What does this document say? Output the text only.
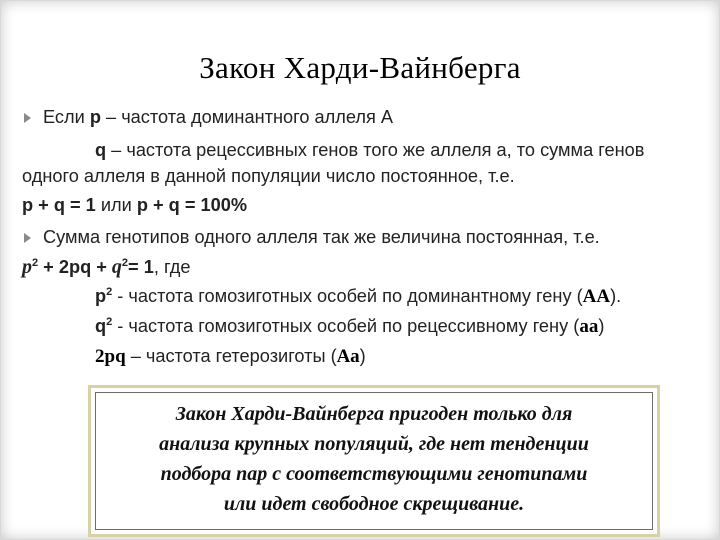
Закон Харди-Вайнберга
Если p – частота доминантного аллеля А
q – частота рецессивных генов того же аллеля а, то сумма генов
одного аллеля в данной популяции число постоянное, т.е.
p + q = 1 или p + q = 100%
Сумма генотипов одного аллеля так же величина постоянная, т.е.
$p^2 + 2pq + q^2= 1$, где
$p^2$ - частота гомозиготных особей по доминантному гену (АА).
$q^2$ - частота гомозиготных особей по рецессивному гену (аа)
2pq – частота гетерозиготы (Аа)
Закон Харди-Вайнберга пригоден только для
анализа крупных популяций, где нет тенденции
подбора пар с соответствующими генотипами
или идет свободное скрещивание.
